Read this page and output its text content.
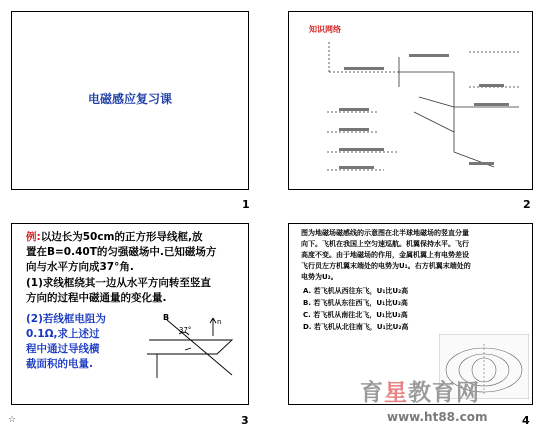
电磁感应复习课
1
知识网络
2
例:以边长为50cm的正方形导线框,放
置在B=0.40T的匀强磁场中.已知磁场方
向与水平方向成37°角.
(1)求线框绕其一边从水平方向转至竖直
方向的过程中磁通量的变化量.
(2)若线框电阻为
0.1Ω,求上述过
程中通过导线横
截面积的电量.
B
37°
n
3
图为地磁场磁感线的示意图在北半球地磁场的竖直分量
向下。飞机在我国上空匀速巡航。机翼保持水平。飞行
高度不变。由于地磁场的作用，金属机翼上有电势差设
飞行员左方机翼末端处的电势为U₁。右方机翼末端处的
电势为U₂。
A. 若飞机从西往东飞，U₁比U₂高
B. 若飞机从东往西飞，U₁比U₂高
C. 若飞机从南往北飞，U₁比U₂高
D. 若飞机从北往南飞，U₁比U₂高
4
育星教育网
www.ht88.com
☆
